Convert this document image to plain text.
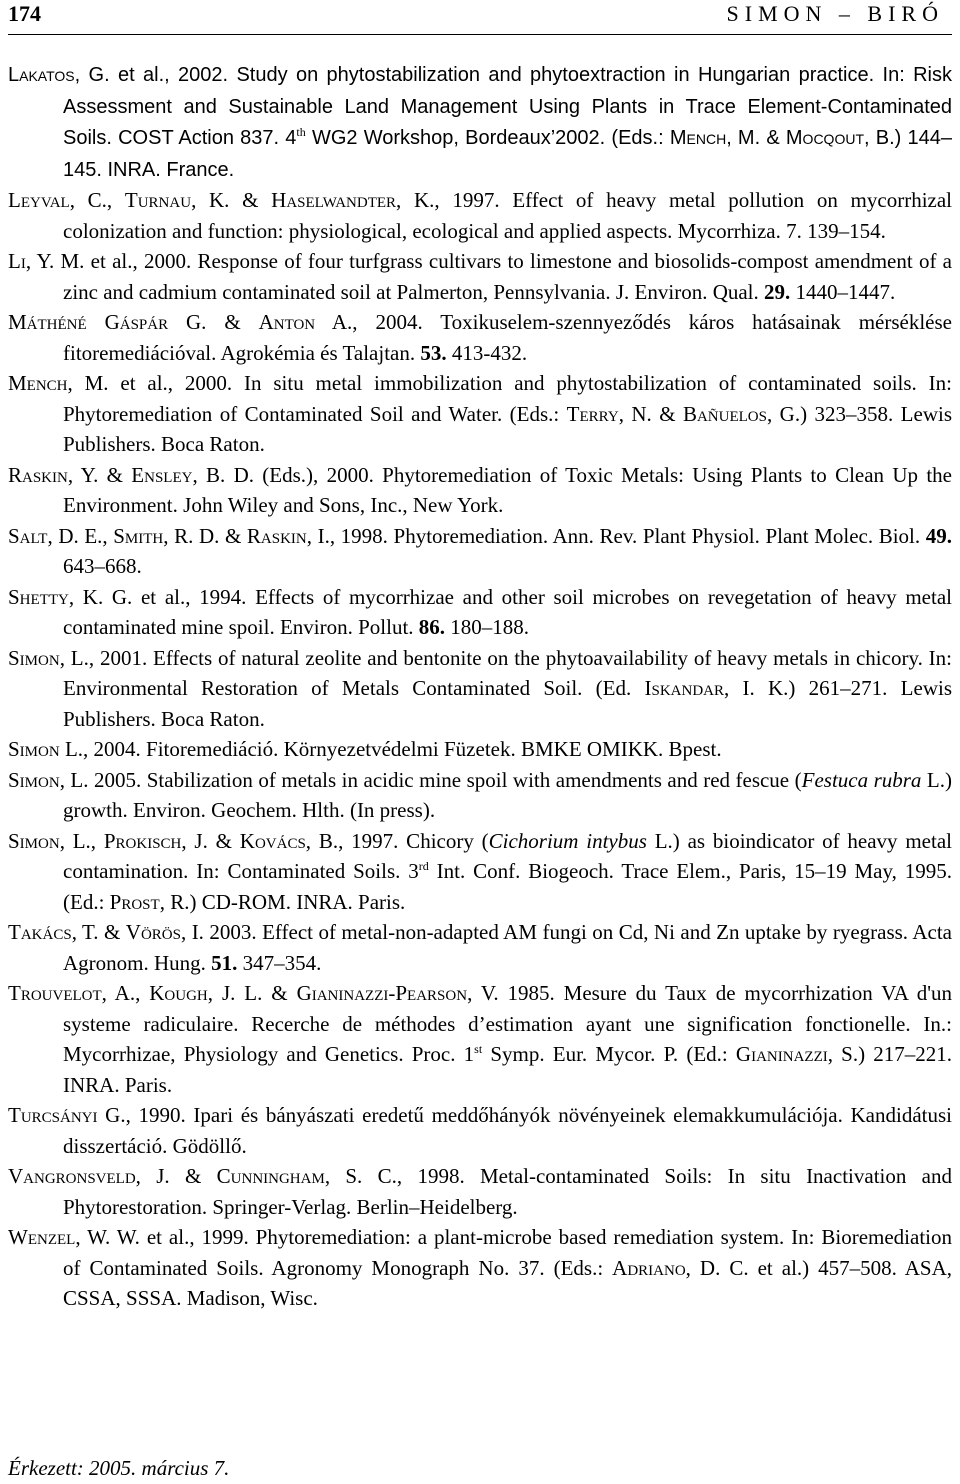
174	SIMON – BIRÓ
Lakatos, G. et al., 2002. Study on phytostabilization and phytoextraction in Hungarian practice. In: Risk Assessment and Sustainable Land Management Using Plants in Trace Element-Contaminated Soils. COST Action 837. 4th WG2 Workshop, Bordeaux’2002. (Eds.: Mench, M. & Mocqout, B.) 144–145. INRA. France.
Leyval, C., Turnau, K. & Haselwandter, K., 1997. Effect of heavy metal pollution on mycorrhizal colonization and function: physiological, ecological and applied aspects. Mycorrhiza. 7. 139–154.
Li, Y. M. et al., 2000. Response of four turfgrass cultivars to limestone and biosolids-compost amendment of a zinc and cadmium contaminated soil at Palmerton, Pennsylvania. J. Environ. Qual. 29. 1440–1447.
Máthéné Gáspár G. & Anton A., 2004. Toxikuselem-szennyeződés káros hatásainak mérséklése fitoremediációval. Agrokémia és Talajtan. 53. 413-432.
Mench, M. et al., 2000. In situ metal immobilization and phytostabilization of contaminated soils. In: Phytoremediation of Contaminated Soil and Water. (Eds.: Terry, N. & Bañuelos, G.) 323–358. Lewis Publishers. Boca Raton.
Raskin, Y. & Ensley, B. D. (Eds.), 2000. Phytoremediation of Toxic Metals: Using Plants to Clean Up the Environment. John Wiley and Sons, Inc., New York.
Salt, D. E., Smith, R. D. & Raskin, I., 1998. Phytoremediation. Ann. Rev. Plant Physiol. Plant Molec. Biol. 49. 643–668.
Shetty, K. G. et al., 1994. Effects of mycorrhizae and other soil microbes on revegetation of heavy metal contaminated mine spoil. Environ. Pollut. 86. 180–188.
Simon, L., 2001. Effects of natural zeolite and bentonite on the phytoavailability of heavy metals in chicory. In: Environmental Restoration of Metals Contaminated Soil. (Ed. Iskandar, I. K.) 261–271. Lewis Publishers. Boca Raton.
Simon L., 2004. Fitoremediáció. Környezetvédelmi Füzetek. BMKE OMIKK. Bpest.
Simon, L. 2005. Stabilization of metals in acidic mine spoil with amendments and red fescue (Festuca rubra L.) growth. Environ. Geochem. Hlth. (In press).
Simon, L., Prokisch, J. & Kovács, B., 1997. Chicory (Cichorium intybus L.) as bioindicator of heavy metal contamination. In: Contaminated Soils. 3rd Int. Conf. Biogeoch. Trace Elem., Paris, 15–19 May, 1995. (Ed.: Prost, R.) CD-ROM. INRA. Paris.
Takács, T. & Vörös, I. 2003. Effect of metal-non-adapted AM fungi on Cd, Ni and Zn uptake by ryegrass. Acta Agronom. Hung. 51. 347–354.
Trouvelot, A., Kough, J. L. & Gianinazzi-Pearson, V. 1985. Mesure du Taux de mycorrhization VA d'un systeme radiculaire. Recerche de méthodes d’estimation ayant une signification fonctionelle. In.: Mycorrhizae, Physiology and Genetics. Proc. 1st Symp. Eur. Mycor. P. (Ed.: Gianinazzi, S.) 217–221. INRA. Paris.
Turcsányi G., 1990. Ipari és bányászati eredetű meddőhányók növényeinek elemakkumulációja. Kandidátusi disszertáció. Gödöllő.
Vangronsveld, J. & Cunningham, S. C., 1998. Metal-contaminated Soils: In situ Inactivation and Phytorestoration. Springer-Verlag. Berlin–Heidelberg.
Wenzel, W. W. et al., 1999. Phytoremediation: a plant-microbe based remediation system. In: Bioremediation of Contaminated Soils. Agronomy Monograph No. 37. (Eds.: Adriano, D. C. et al.) 457–508. ASA, CSSA, SSSA. Madison, Wisc.
Érkezett: 2005. március 7.
